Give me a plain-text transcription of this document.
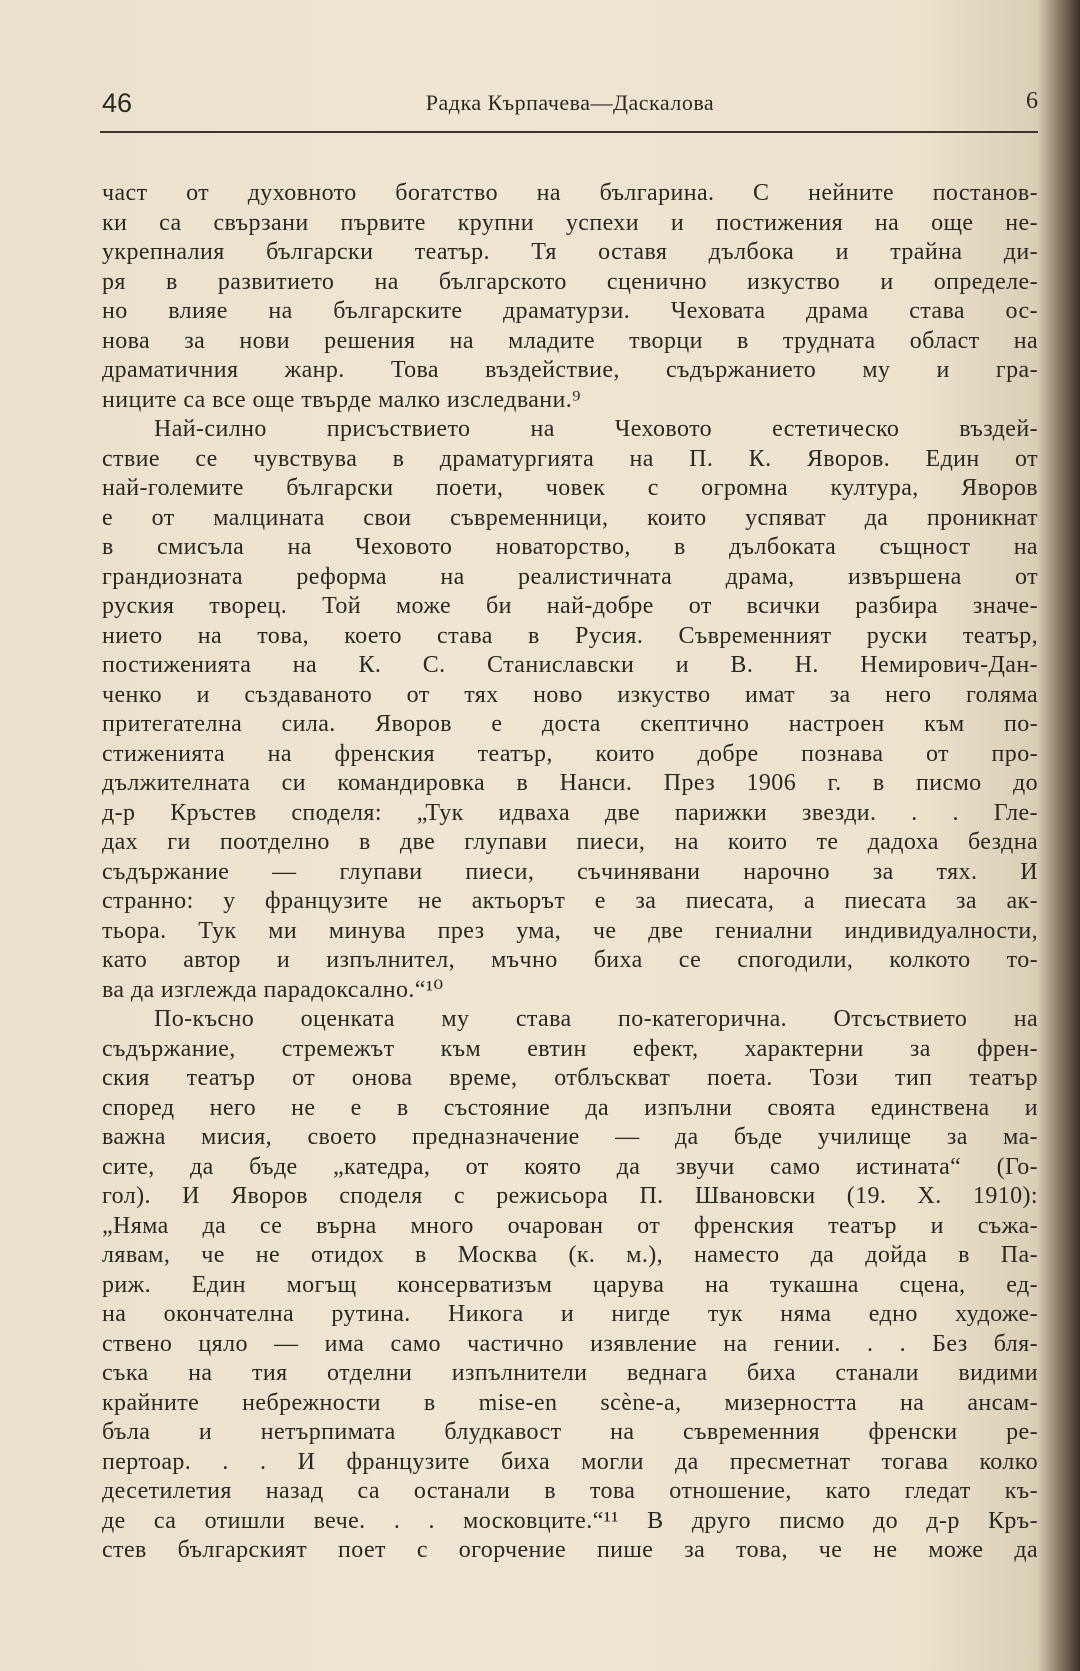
46	Радка Кърпачева—Даскалова	6
част от духовното богатство на българина. С нейните постанов-
ки са свързани първите крупни успехи и постижения на още не-
укрепналия български театър. Тя оставя дълбока и трайна ди-
ря в развитието на българското сценично изкуство и определе-
но влияе на българските драматурзи. Чеховата драма става ос-
нова за нови решения на младите творци в трудната област на
драматичния жанр. Това въздействие, съдържанието му и гра-
ниците са все още твърде малко изследвани.⁹
Най-силно присъствието на Чеховото естетическо въздей-
ствие се чувствува в драматургията на П. К. Яворов. Един от
най-големите български поети, човек с огромна култура, Яворов
е от малцината свои съвременници, които успяват да проникнат
в смисъла на Чеховото новаторство, в дълбоката същност на
грандиозната реформа на реалистичната драма, извършена от
руския творец. Той може би най-добре от всички разбира значе-
нието на това, което става в Русия. Съвременният руски театър,
постиженията на К. С. Станиславски и В. Н. Немирович-Дан-
ченко и създаваното от тях ново изкуство имат за него голяма
притегателна сила. Яворов е доста скептично настроен към по-
стиженията на френския театър, които добре познава от про-
дължителната си командировка в Нанси. През 1906 г. в писмо до
д-р Кръстев споделя: „Тук идваха две парижки звезди. . . Гле-
дах ги поотделно в две глупави пиеси, на които те дадоха бездна
съдържание — глупави пиеси, съчинявани нарочно за тях. И
странно: у французите не актьорът е за пиесата, а пиесата за ак-
тьора. Тук ми минува през ума, че две гениални индивидуалности,
като автор и изпълнител, мъчно биха се спогодили, колкото то-
ва да изглежда парадоксално.“¹⁰
По-късно оценката му става по-категорична. Отсъствието на
съдържание, стремежът към евтин ефект, характерни за френ-
ския театър от онова време, отблъскват поета. Този тип театър
според него не е в състояние да изпълни своята единствена и
важна мисия, своето предназначение — да бъде училище за ма-
сите, да бъде „катедра, от която да звучи само истината“ (Го-
гол). И Яворов споделя с режисьора П. Швановски (19. X. 1910):
„Няма да се върна много очарован от френския театър и съжа-
лявам, че не отидох в Москва (к. м.), наместо да дойда в Па-
риж. Един могъщ консерватизъм царува на тукашна сцена, ед-
на окончателна рутина. Никога и нигде тук няма едно художе-
ствено цяло — има само частично изявление на гении. . . Без бля-
съка на тия отделни изпълнители веднага биха станали видими
крайните небрежности в mise-en scène-a, мизерността на ансам-
бъла и нетърпимата блудкавост на съвременния френски ре-
пертоар. . . И французите биха могли да пресметнат тогава колко
десетилетия назад са останали в това отношение, като гледат къ-
де са отишли вече. . . московците.“¹¹ В друго писмо до д-р Кръ-
стев българският поет с огорчение пише за това, че не може да
